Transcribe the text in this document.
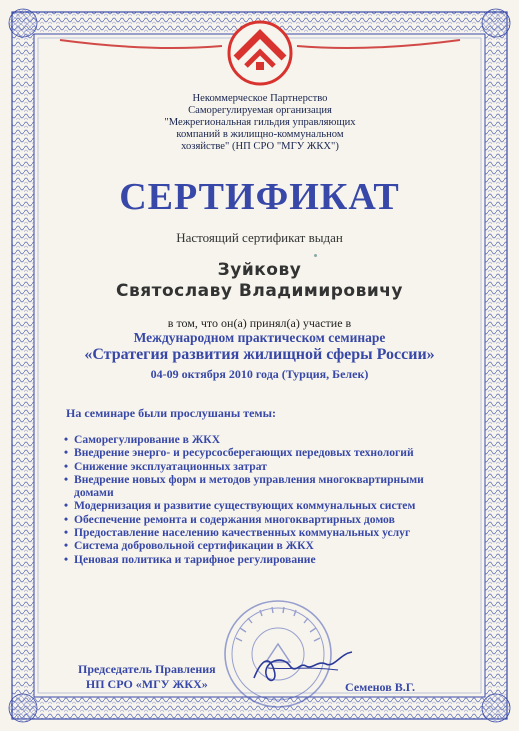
Некоммерческое Партнерство
Саморегулируемая организация
"Межрегиональная гильдия управляющих
компаний в жилищно-коммунальном
хозяйстве" (НП СРО "МГУ ЖКХ")
СЕРТИФИКАТ
Настоящий сертификат выдан
Зуйкову
Святославу Владимировичу
в том, что он(а) принял(а) участие в
Международном практическом семинаре
«Стратегия развития жилищной сферы России»
04-09 октября 2010 года (Турция, Белек)
На семинаре были прослушаны темы:
• Саморегулирование в ЖКХ
• Внедрение энерго- и ресурсосберегающих передовых технологий
• Снижение эксплуатационных затрат
• Внедрение новых форм и методов управления многоквартирными домами
• Модернизация и развитие существующих коммунальных систем
• Обеспечение ремонта и содержания многоквартирных домов
• Предоставление населению качественных коммунальных услуг
• Система добровольной сертификации в ЖКХ
• Ценовая политика и тарифное регулирование
Председатель Правления
НП СРО «МГУ ЖКХ»	Семенов В.Г.
